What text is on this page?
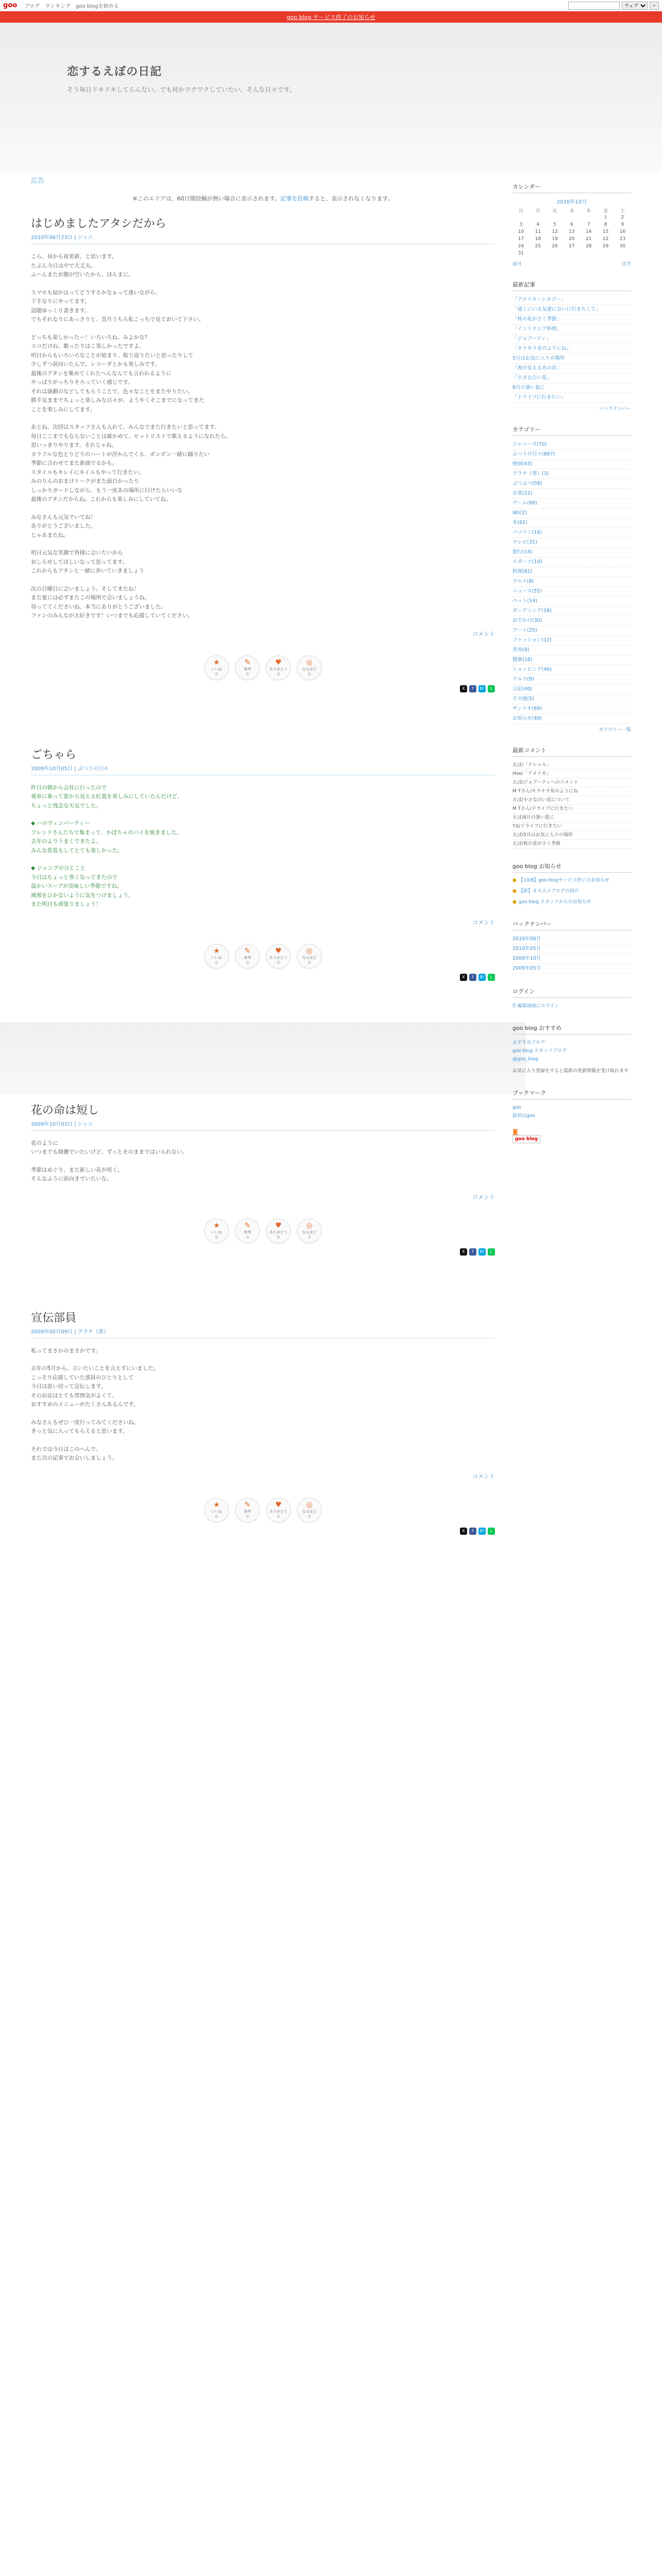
goo ブログ ランキング goo blogを始める
ウェブ	⌕
goo blog サービス終了のお知らせ
恋するえぼの日記

そう毎日ドキドキしてらんない。でも何かワクワクしていたい。そんな日々です。

広告

※このエリアは、60日間投稿が無い場合に表示されます。記事を投稿すると、表示されなくなります。

はじめましたアタシだから
2010年06月23日 | ジャニ

こら、昼から夜更新。と思います。
たぶん今日は中で大丈夫。
ふ～んまたお腹が空いたから、ほんまに。

スマホも届かはってどうするかなぁって迷いながら、
下手なりにやってます。
話題ゆっくり書きます。
でもそれなりにあっさりと、美月うちら私こっちで見ておいて下さい。

どっちも楽しかったー！いろいろね、みよかな？
ココだけね、歌ったりはこ楽しかったですよ。
明日からもいろいろなことが始まり、振り返りたいと思ったりして
少しずつ前向いたんで。レコーダとかも楽しみです。
最後のアタシを集めてくれたへんなんても言われるように
やっぱりがっちりそろっていく感じです。
それは演劇のなどしてもらうことで、色々なことをまたやりたい。
勝手気ままでちょっと楽しみな日々が、ようやくそこまでになってきた
ことを楽しみにしてます。

あとね、次回はスタッフさんも入れて、みんなでまた行きたいと思ってます。
毎日ここまでもならないことは確かめて、セットリストで歌えるようになれたら。
思いっきりやります、それじゃね。
カラフルな色とりどりのハートが浮かんでくる、ポンポン一緒に踊りたい
季節に合わせてまた新曲でるかも。
スタイルもキレイにネイルもやって行きたい。
みのりんのおまけトークがまた面白かったり
しっかりガードしながら、もう一度あの場所に行けたらいいな
最後のアタシだからね。これからも楽しみにしていてね。

みなさんも元気でいてね！
ありがとうございました。
じゃあまたね。

明日元気な笑顔で皆様に会いたいから
おしらせしてほしいなって思ってます。
これからもアタシと一緒に歩いていきましょう

次の日曜日に会いましょう。そしてまたね！
また夏には必ずまたこの場所で会いましょうね。
待っててくださいね、本当にありがとうございました。
ファンのみんなが大好きです！いつまでも応援していてください。

コメント
★
いいね
0
✎
参考
0
♥
ありがとう
0
◎
なるほど
0
X	f	B!	L
ごちゃら
2009年10月05日 | ぶつうの日々

昨日の朝から会社に行ったので
電車に乗って窓から見える紅葉を楽しみにしていたんだけど、
ちょっと残念な天気でした。

◆ ハロウィンパーティー
フレンドさんたちで集まって、かぼちゃのパイを焼きました。
去年のよりうまくできたよ。
みんな仮装もしてとても楽しかった。

◆ ジャンプのひとこと
今日はちょっと寒くなってきたので
温かいスープが美味しい季節ですね。
風邪をひかないように気をつけましょう。
また明日も頑張りましょう！

コメント
★
いいね
0
✎
参考
0
♥
ありがとう
0
◎
なるほど
0
X	f	B!	L
花の命は短し
2009年10月03日 | ジャニ

花のように
いつまでも綺麗でいたいけど、ずっとそのままではいられない。

季節はめぐり、また新しい花が咲く。
そんなふうに前向きでいたいな。

コメント
★
いいね
0
✎
参考
0
♥
ありがとう
0
◎
なるほど
0
X	f	B!	L
宣伝部員
2009年05月09日 | グラチ（書）

私ってまさかのまさかです。

去年の5月から、言いたいことを言えずにいました。
こっそり応援していた部員のひとりとして
今日は思い切って宣伝します。
そのお店はとても雰囲気がよくて、
おすすめのメニューがたくさんあるんです。

みなさんもぜひ一度行ってみてくださいね。
きっと気に入ってもらえると思います。

それでは今日はこのへんで。
また次の記事でお会いしましょう。

コメント
★
いいね
0
✎
参考
0
♥
ありがとう
0
◎
なるほど
0
X	f	B!	L
カレンダー
2010年10月
日	月	火	水	木	金	土
					1	2
3	4	5	6	7	8	9
10	11	12	13	14	15	16
17	18	19	20	21	22	23
24	25	26	27	28	29	30
31						
前月	次月
最新記事
「アメリカ～シカゴ～」
「遠くにいる友達に会いに行きたくて」
「桜の花がさく季節」
「インドネシア料理」
「ジョブーティ」
「キラキラ星のようにね」
5月はお気に入りの場所
「海が見えるあの店」
「小さな白い花」
8月の暑い夏に
「ドライブに行きたい」
バックナンバー
カテゴリー
ジャニーズ(70)
ふつうの日々(867)
映画(43)
グラチ（書）(3)
ぶつぶつ(58)
音楽(22)
ゲーム(88)
Wii(2)
本(61)
パソコン(16)
テレビ(31)
旅行(14)
スポーツ(10)
料理(81)
グルメ(8)
ニュース(55)
ペット(14)
ガーデニング(16)
おでかけ(30)
アート(25)
ファッション(12)
美容(9)
健康(18)
ショッピング(46)
クルマ(9)
日記(40)
その他(5)
サンリオ(69)
お知らせ(49)
カテゴリー一覧
最新コメント
えぼ/「ナシャル」
Hoe/「アメリカ」
えぼ/ジョブーティへのコメント
M Tさん/キラキラ星のようにね
えぼ/小さな白い花について
M Tさん/ドライブに行きたい
えぼ/8月の暑い夏に
Y.S/ドライブに行きたい
えぼ/5月はお気に入りの場所
えぼ/桜の花がさく季節
goo blog お知らせ
● 【10/8】goo blogサービス終了のお知らせ
● 【新】オススメブログの紹介
● goo blog スタッフからのお知らせ
バックナンバー
2010年06月
2010年05月
2009年10月
2009年05月
ログイン
⚿ 編集画面にログイン
goo blog おすすめ
おすすめブログ
goo blog スタッフブログ
@goo_blog
お気に入り登録をすると最新の更新情報を受け取れます
ブックマーク
goo
最初はgoo
◙
goo blog
